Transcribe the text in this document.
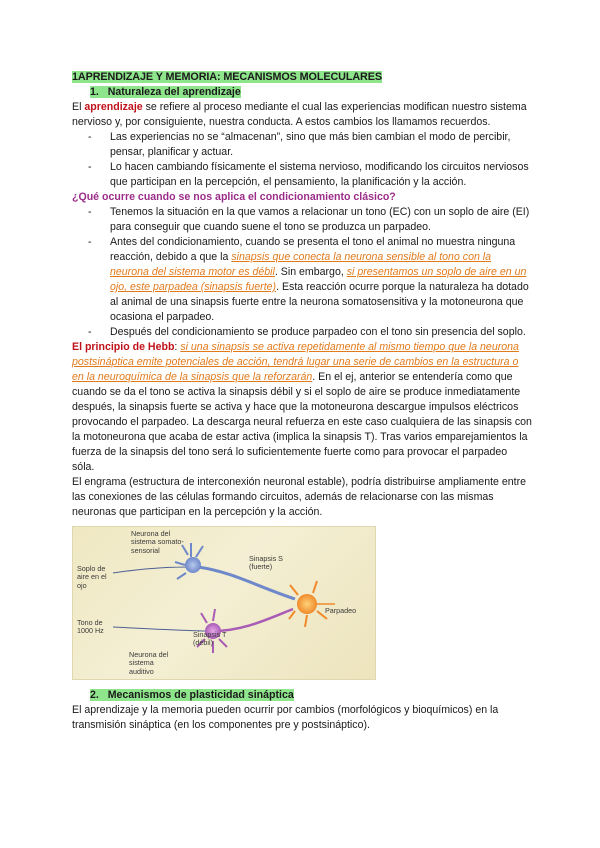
1APRENDIZAJE Y MEMORIA: MECANISMOS MOLECULARES
1. Naturaleza del aprendizaje

El aprendizaje se refiere al proceso mediante el cual las experiencias modifican nuestro sistema nervioso y, por consiguiente, nuestra conducta. A estos cambios los llamamos recuerdos.

- Las experiencias no se “almacenan”, sino que más bien cambian el modo de percibir, pensar, planificar y actuar.
- Lo hacen cambiando físicamente el sistema nervioso, modificando los circuitos nerviosos que participan en la percepción, el pensamiento, la planificación y la acción.

¿Qué ocurre cuando se nos aplica el condicionamiento clásico?

- Tenemos la situación en la que vamos a relacionar un tono (EC) con un soplo de aire (EI) para conseguir que cuando suene el tono se produzca un parpadeo.
- Antes del condicionamiento, cuando se presenta el tono el animal no muestra ninguna reacción, debido a que la sinapsis que conecta la neurona sensible al tono con la neurona del sistema motor es débil. Sin embargo, si presentamos un soplo de aire en un ojo, este parpadea (sinapsis fuerte). Esta reacción ocurre porque la naturaleza ha dotado al animal de una sinapsis fuerte entre la neurona somatosensitiva y la motoneurona que ocasiona el parpadeo.
- Después del condicionamiento se produce parpadeo con el tono sin presencia del soplo.

El principio de Hebb: si una sinapsis se activa repetidamente al mismo tiempo que la neurona postsináptica emite potenciales de acción, tendrá lugar una serie de cambios en la estructura o en la neuroquímica de la sinapsis que la reforzarán. En el ej, anterior se entendería como que cuando se da el tono se activa la sinapsis débil y si el soplo de aire se produce inmediatamente después, la sinapsis fuerte se activa y hace que la motoneurona descargue impulsos eléctricos provocando el parpadeo. La descarga neural refuerza en este caso cualquiera de las sinapsis con la motoneurona que acaba de estar activa (implica la sinapsis T). Tras varios emparejamientos la fuerza de la sinapsis del tono será lo suficientemente fuerte como para provocar el parpadeo sóla.

El engrama (estructura de interconexión neuronal estable), podría distribuirse ampliamente entre las conexiones de las células formando circuitos, además de relacionarse con las mismas neuronas que participan en la percepción y la acción.

Neurona del sistema somato-sensorial
Sinapsis S (fuerte)
Soplo de aire en el ojo
Parpadeo
Tono de 1000 Hz	Sinapsis T (débil)
Neurona del sistema auditivo
2. Mecanismos de plasticidad sináptica

El aprendizaje y la memoria pueden ocurrir por cambios (morfológicos y bioquímicos) en la transmisión sináptica (en los componentes pre y postsináptico).
